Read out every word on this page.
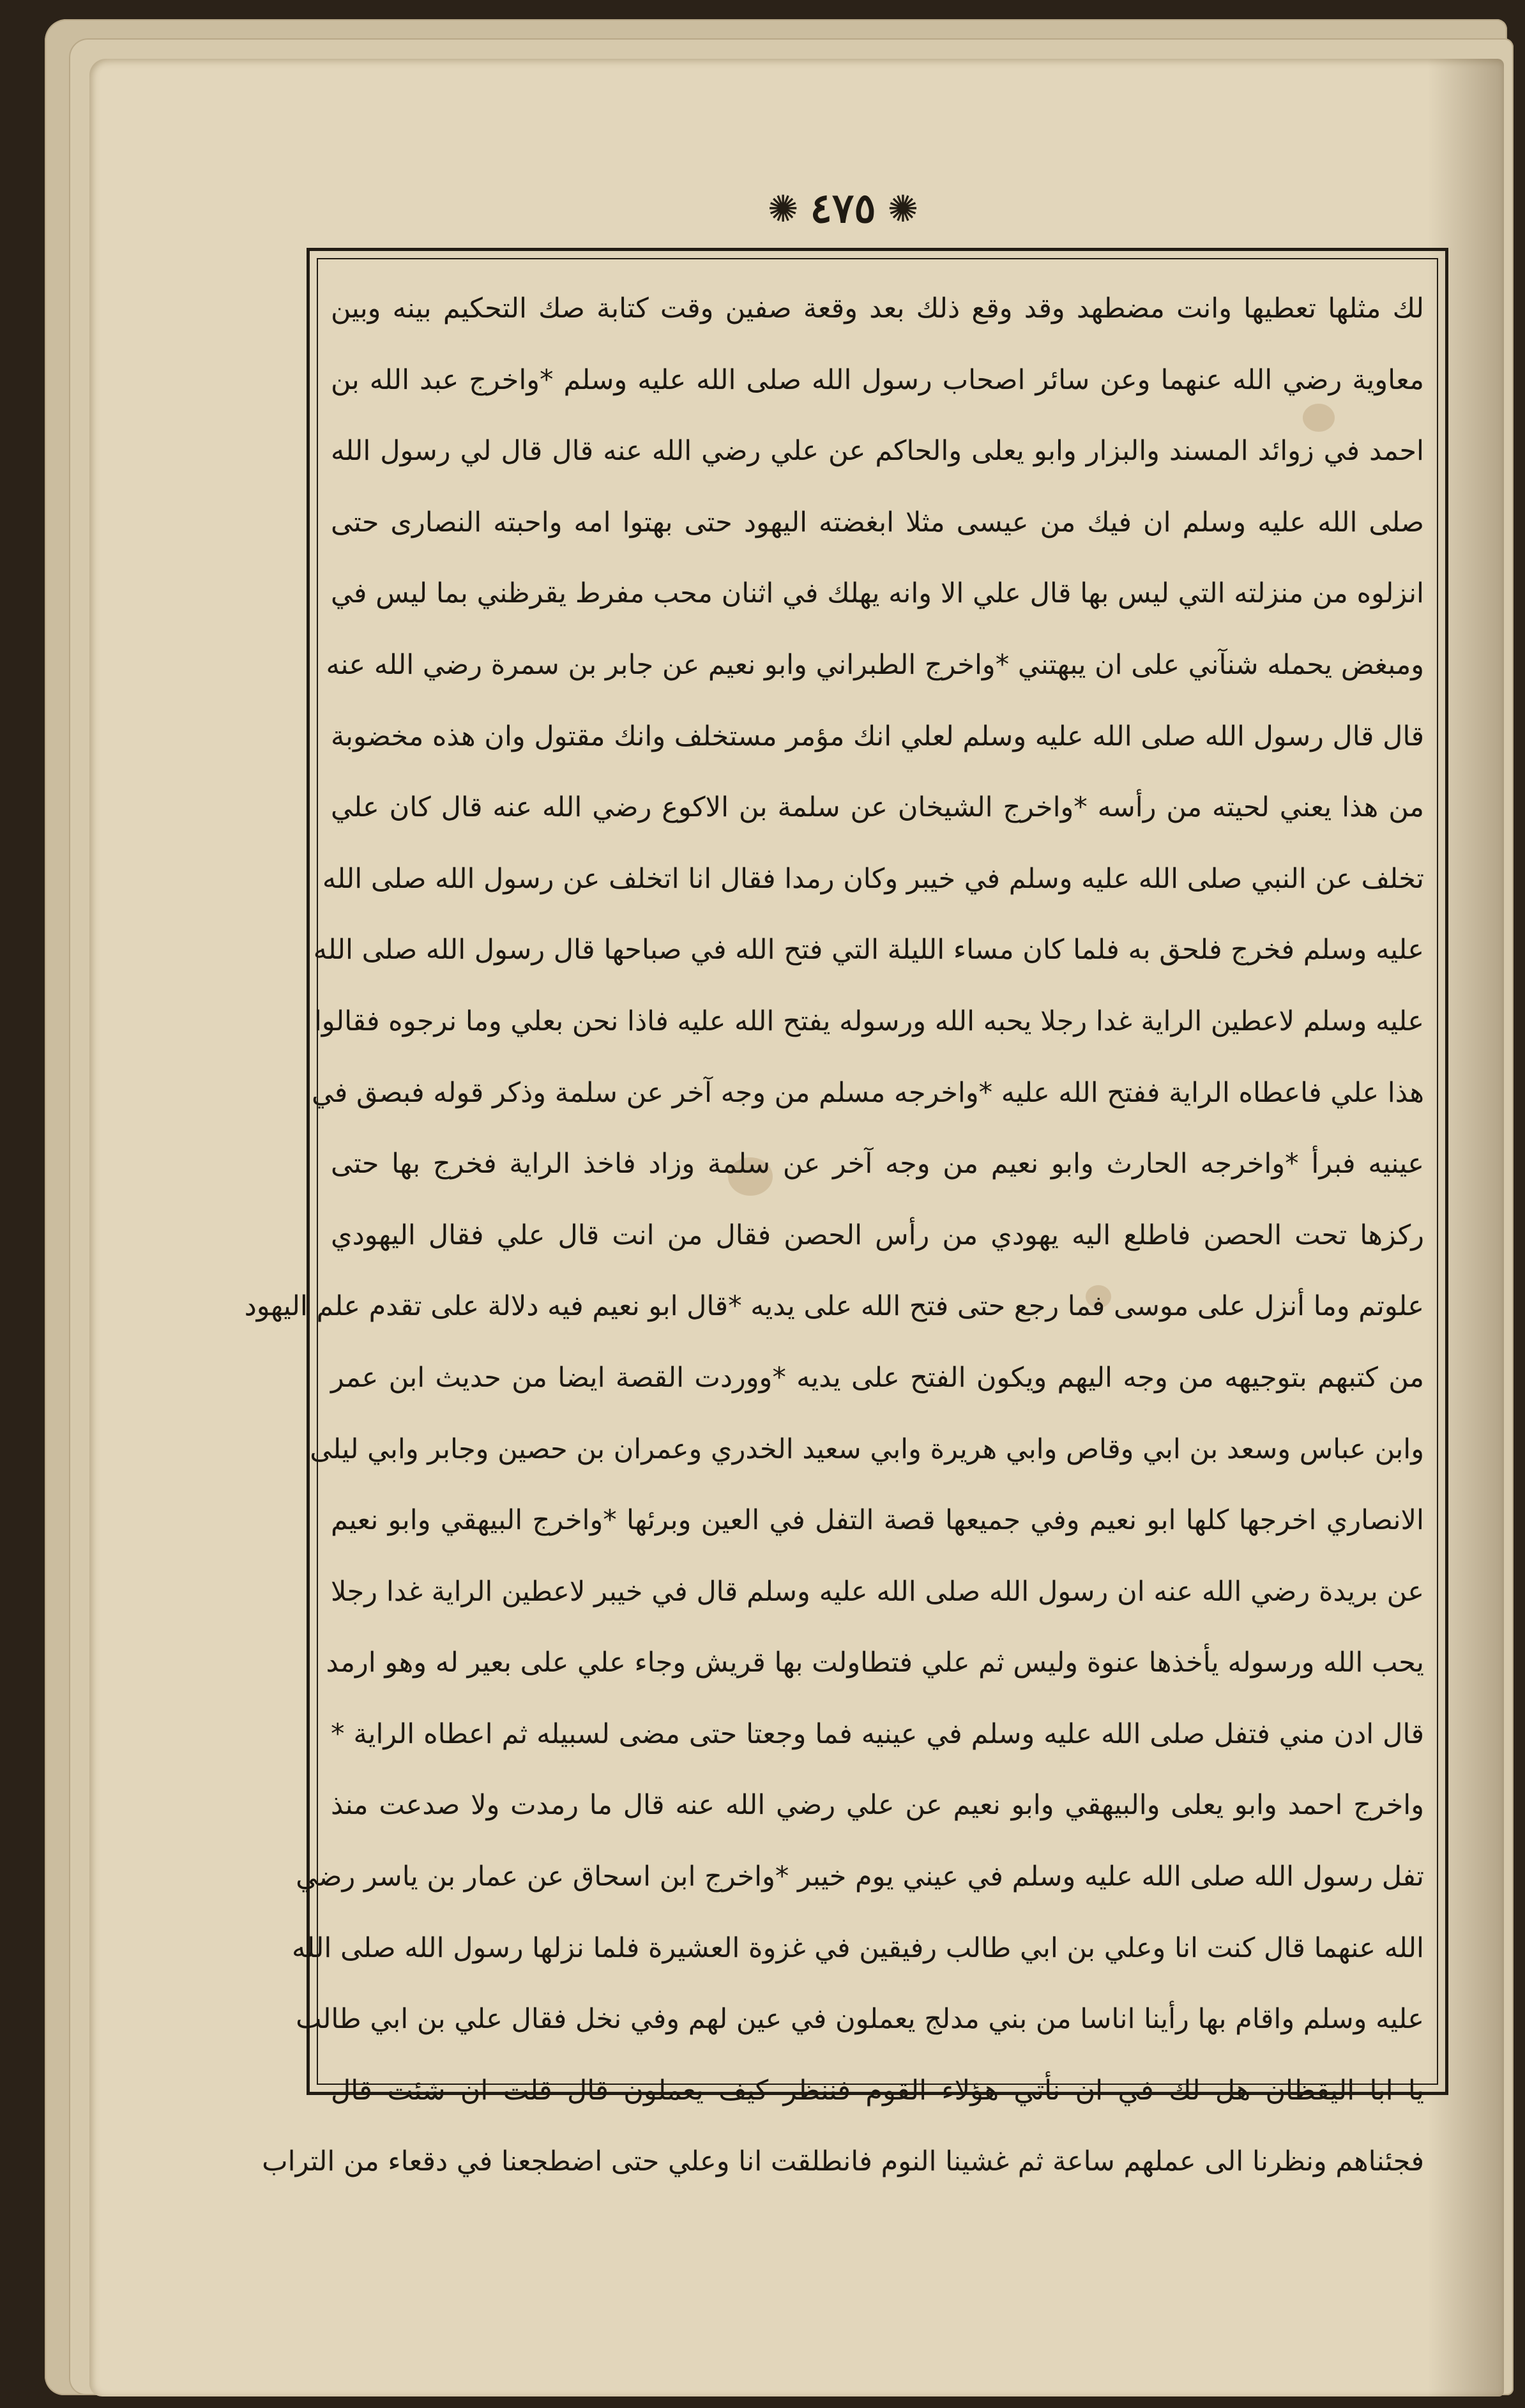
✺ ٤٧٥ ✺
لك مثلها تعطيها وانت مضطهد وقد وقع ذلك بعد وقعة صفين وقت كتابة صك التحكيم بينه وبين
معاوية رضي الله عنهما وعن سائر اصحاب رسول الله صلى الله عليه وسلم *واخرج عبد الله بن
احمد في زوائد المسند والبزار وابو يعلى والحاكم عن علي رضي الله عنه قال قال لي رسول الله
صلى الله عليه وسلم ان فيك من عيسى مثلا ابغضته اليهود حتى بهتوا امه واحبته النصارى حتى
انزلوه من منزلته التي ليس بها قال علي الا وانه يهلك في اثنان محب مفرط يقرظني بما ليس في
ومبغض يحمله شنآني على ان يبهتني *واخرج الطبراني وابو نعيم عن جابر بن سمرة رضي الله عنه
قال قال رسول الله صلى الله عليه وسلم لعلي انك مؤمر مستخلف وانك مقتول وان هذه مخضوبة
من هذا يعني لحيته من رأسه *واخرج الشيخان عن سلمة بن الاكوع رضي الله عنه قال كان علي
تخلف عن النبي صلى الله عليه وسلم في خيبر وكان رمدا فقال انا اتخلف عن رسول الله صلى الله
عليه وسلم فخرج فلحق به فلما كان مساء الليلة التي فتح الله في صباحها قال رسول الله صلى الله
عليه وسلم لاعطين الراية غدا رجلا يحبه الله ورسوله يفتح الله عليه فاذا نحن بعلي وما نرجوه فقالوا
هذا علي فاعطاه الراية ففتح الله عليه *واخرجه مسلم من وجه آخر عن سلمة وذكر قوله فبصق في
عينيه فبرأ *واخرجه الحارث وابو نعيم من وجه آخر عن سلمة وزاد فاخذ الراية فخرج بها حتى
ركزها تحت الحصن فاطلع اليه يهودي من رأس الحصن فقال من انت قال علي فقال اليهودي
علوتم وما أنزل على موسى فما رجع حتى فتح الله على يديه *قال ابو نعيم فيه دلالة على تقدم علم اليهود
من كتبهم بتوجيهه من وجه اليهم ويكون الفتح على يديه *ووردت القصة ايضا من حديث ابن عمر
وابن عباس وسعد بن ابي وقاص وابي هريرة وابي سعيد الخدري وعمران بن حصين وجابر وابي ليلى
الانصاري اخرجها كلها ابو نعيم وفي جميعها قصة التفل في العين وبرئها *واخرج البيهقي وابو نعيم
عن بريدة رضي الله عنه ان رسول الله صلى الله عليه وسلم قال في خيبر لاعطين الراية غدا رجلا
يحب الله ورسوله يأخذها عنوة وليس ثم علي فتطاولت بها قريش وجاء علي على بعير له وهو ارمد
قال ادن مني فتفل صلى الله عليه وسلم في عينيه فما وجعتا حتى مضى لسبيله ثم اعطاه الراية *
واخرج احمد وابو يعلى والبيهقي وابو نعيم عن علي رضي الله عنه قال ما رمدت ولا صدعت منذ
تفل رسول الله صلى الله عليه وسلم في عيني يوم خيبر *واخرج ابن اسحاق عن عمار بن ياسر رضي
الله عنهما قال كنت انا وعلي بن ابي طالب رفيقين في غزوة العشيرة فلما نزلها رسول الله صلى الله
عليه وسلم واقام بها رأينا اناسا من بني مدلج يعملون في عين لهم وفي نخل فقال علي بن ابي طالب
يا ابا اليقظان هل لك في ان نأتي هؤلاء القوم فننظر كيف يعملون قال قلت ان شئت قال
فجئناهم ونظرنا الى عملهم ساعة ثم غشينا النوم فانطلقت انا وعلي حتى اضطجعنا في دقعاء من التراب
